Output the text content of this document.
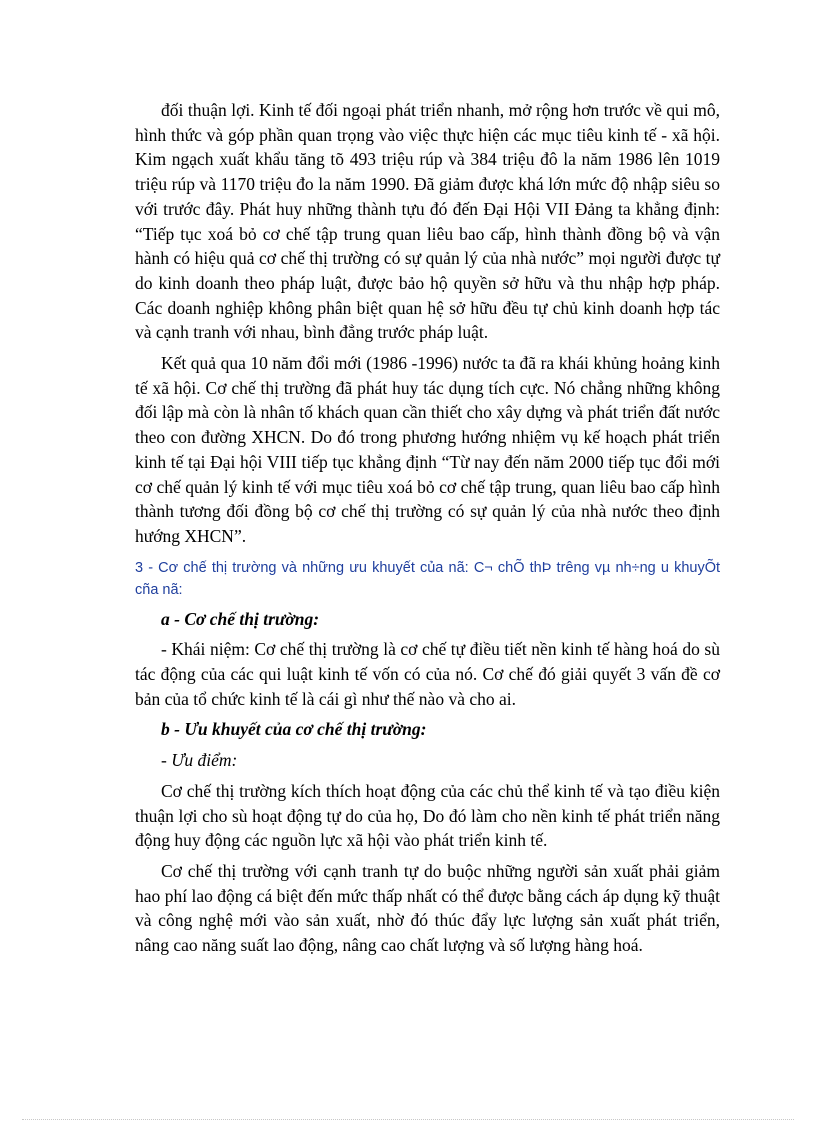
đối thuận lợi. Kinh tế đối ngoại phát triển nhanh, mở rộng hơn trước về qui mô, hình thức và góp phần quan trọng vào việc thực hiện các mục tiêu kinh tế - xã hội. Kim ngạch xuất khẩu tăng tõ 493 triệu rúp và 384 triệu đô la năm 1986 lên 1019 triệu rúp và 1170 triệu đo la năm 1990. Đã giảm được khá lớn mức độ nhập siêu so với trước đây. Phát huy những thành tựu đó đến Đại Hội VII Đảng ta khẳng định: “Tiếp tục xoá bỏ cơ chế tập trung quan liêu bao cấp, hình thành đồng bộ và vận hành có hiệu quả cơ chế thị trường có sự quản lý của nhà nước” mọi người được tự do kinh doanh theo pháp luật, được bảo hộ quyền sở hữu và thu nhập hợp pháp. Các doanh nghiệp không phân biệt quan hệ sở hữu đều tự chủ kinh doanh hợp tác và cạnh tranh với nhau, bình đẳng trước pháp luật.

Kết quả qua 10 năm đổi mới (1986 -1996) nước ta đã ra khái khủng hoảng kinh tế xã hội. Cơ chế thị trường đã phát huy tác dụng tích cực. Nó chẳng những không đối lập mà còn là nhân tố khách quan cần thiết cho xây dựng và phát triển đất nước theo con đường XHCN. Do đó trong phương hướng nhiệm vụ kế hoạch phát triển kinh tế tại Đại hội VIII tiếp tục khẳng định “Từ nay đến năm 2000 tiếp tục đổi mới cơ chế quản lý kinh tế với mục tiêu xoá bỏ cơ chế tập trung, quan liêu bao cấp hình thành tương đối đồng bộ cơ chế thị trường có sự quản lý của nhà nước theo định hướng XHCN”.

3 - Cơ chế thị trường và những ưu khuyết của nã: C¬ chÕ thÞ trêng vµ nh÷ng u khuyÕt cña nã:

a - Cơ chế thị trường:

- Khái niệm: Cơ chế thị trường là cơ chế tự điều tiết nền kinh tế hàng hoá do sù tác động của các qui luật kinh tế vốn có của nó. Cơ chế đó giải quyết 3 vấn đề cơ bản của tổ chức kinh tế là cái gì như thế nào và cho ai.

b - Ưu khuyết của cơ chế thị trường:

- Ưu điểm:

Cơ chế thị trường kích thích hoạt động của các chủ thể kinh tế và tạo điều kiện thuận lợi cho sù hoạt động tự do của họ, Do đó làm cho nền kinh tế phát triển năng động huy động các nguồn lực xã hội vào phát triển kinh tế.

Cơ chế thị trường với cạnh tranh tự do buộc những người sản xuất phải giảm hao phí lao động cá biệt đến mức thấp nhất có thể được bằng cách áp dụng kỹ thuật và công nghệ mới vào sản xuất, nhờ đó thúc đẩy lực lượng sản xuất phát triển, nâng cao năng suất lao động, nâng cao chất lượng và số lượng hàng hoá.
